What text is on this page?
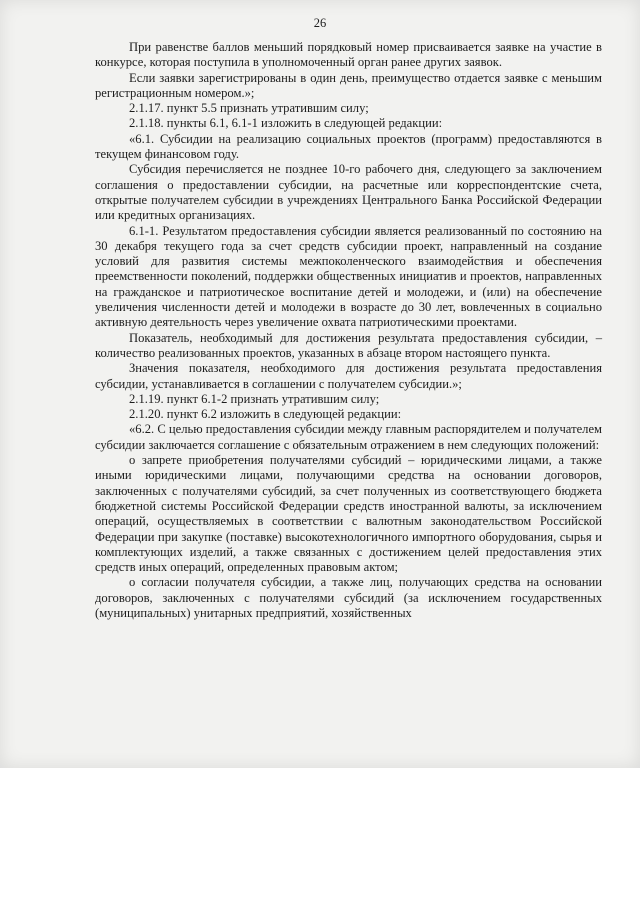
26

При равенстве баллов меньший порядковый номер присваивается заявке на участие в конкурсе, которая поступила в уполномоченный орган ранее других заявок.

Если заявки зарегистрированы в один день, преимущество отдается заявке с меньшим регистрационным номером.»;

2.1.17. пункт 5.5 признать утратившим силу;

2.1.18. пункты 6.1, 6.1-1 изложить в следующей редакции:

«6.1. Субсидии на реализацию социальных проектов (программ) предоставляются в текущем финансовом году.

Субсидия перечисляется не позднее 10-го рабочего дня, следующего за заключением соглашения о предоставлении субсидии, на расчетные или корреспондентские счета, открытые получателем субсидии в учреждениях Центрального Банка Российской Федерации или кредитных организациях.

6.1-1. Результатом предоставления субсидии является реализованный по состоянию на 30 декабря текущего года за счет средств субсидии проект, направленный на создание условий для развития системы межпоколенческого взаимодействия и обеспечения преемственности поколений, поддержки общественных инициатив и проектов, направленных на гражданское и патриотическое воспитание детей и молодежи, и (или) на обеспечение увеличения численности детей и молодежи в возрасте до 30 лет, вовлеченных в социально активную деятельность через увеличение охвата патриотическими проектами.

Показатель, необходимый для достижения результата предоставления субсидии, – количество реализованных проектов, указанных в абзаце втором настоящего пункта.

Значения показателя, необходимого для достижения результата предоставления субсидии, устанавливается в соглашении с получателем субсидии.»;

2.1.19. пункт 6.1-2 признать утратившим силу;

2.1.20. пункт 6.2 изложить в следующей редакции:

«6.2. С целью предоставления субсидии между главным распорядителем и получателем субсидии заключается соглашение с обязательным отражением в нем следующих положений:

о запрете приобретения получателями субсидий – юридическими лицами, а также иными юридическими лицами, получающими средства на основании договоров, заключенных с получателями субсидий, за счет полученных из соответствующего бюджета бюджетной системы Российской Федерации средств иностранной валюты, за исключением операций, осуществляемых в соответствии с валютным законодательством Российской Федерации при закупке (поставке) высокотехнологичного импортного оборудования, сырья и комплектующих изделий, а также связанных с достижением целей предоставления этих средств иных операций, определенных правовым актом;

о согласии получателя субсидии, а также лиц, получающих средства на основании договоров, заключенных с получателями субсидий (за исключением государственных (муниципальных) унитарных предприятий, хозяйственных
